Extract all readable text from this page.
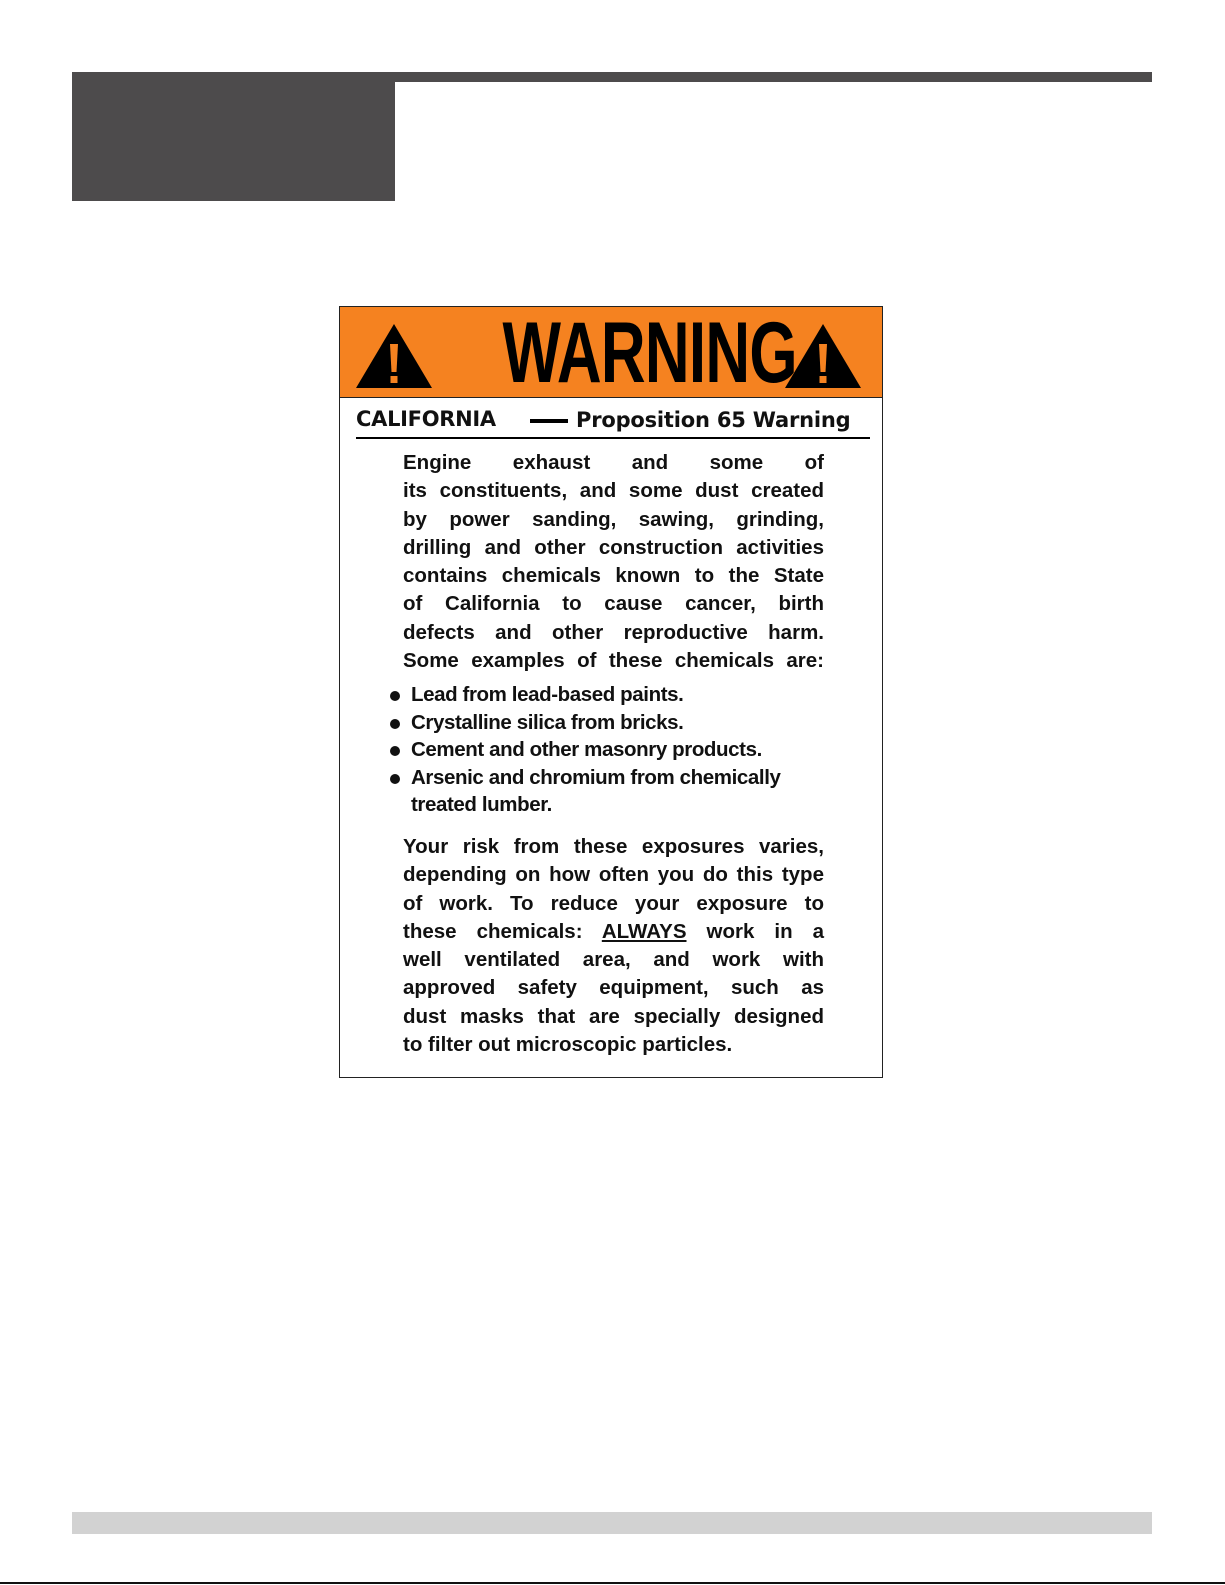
WARNING
CALIFORNIA	Proposition 65 Warning
Engine exhaust and some of
its constituents, and some dust created
by power sanding, sawing, grinding,
drilling and other construction activities
contains chemicals known to the State
of California to cause cancer, birth
defects and other reproductive harm.
Some examples of these chemicals are:
Lead from lead-based paints.
Crystalline silica from bricks.
Cement and other masonry products.
Arsenic and chromium from chemically
treated lumber.
Your risk from these exposures varies,
depending on how often you do this type
of work. To reduce your exposure to
these chemicals: ALWAYS work in a
well ventilated area, and work with
approved safety equipment, such as
dust masks that are specially designed
to filter out microscopic particles.
